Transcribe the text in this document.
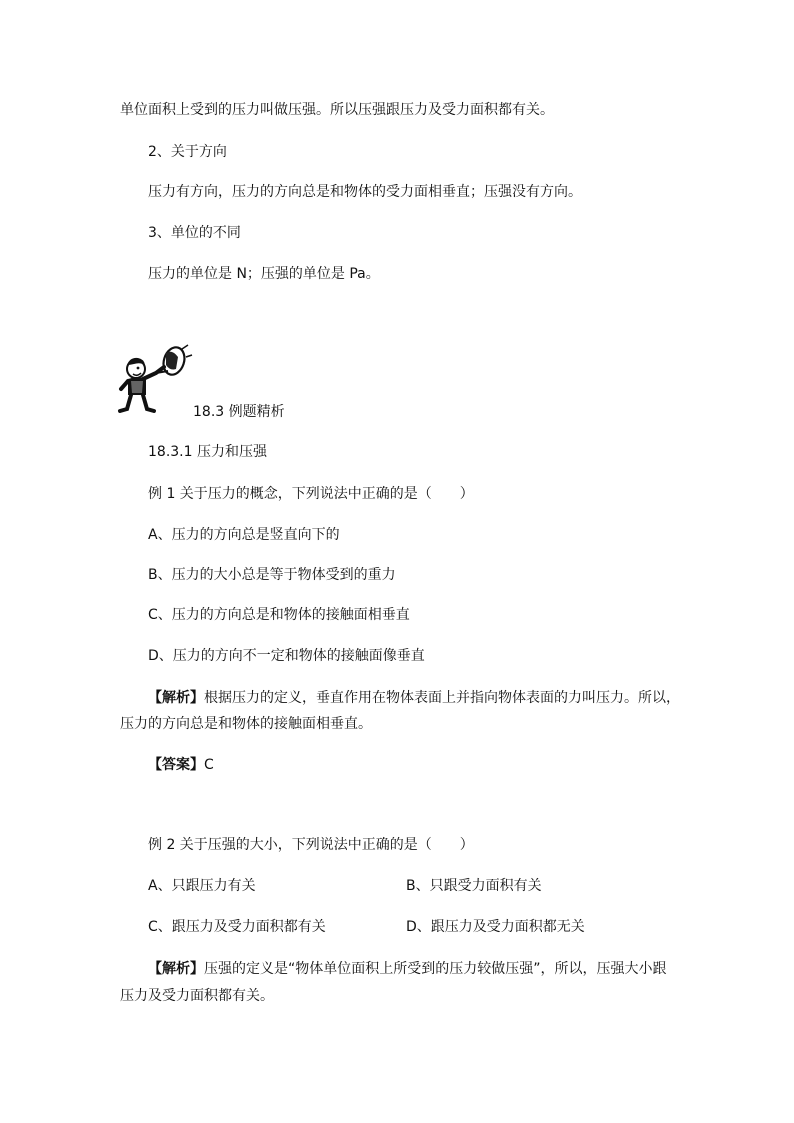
单位面积上受到的压力叫做压强。所以压强跟压力及受力面积都有关。
2、关于方向
压力有方向，压力的方向总是和物体的受力面相垂直；压强没有方向。
3、单位的不同
压力的单位是 N；压强的单位是 Pa。
18.3 例题精析
18.3.1 压力和压强
例 1 关于压力的概念，下列说法中正确的是（　　）
A、压力的方向总是竖直向下的
B、压力的大小总是等于物体受到的重力
C、压力的方向总是和物体的接触面相垂直
D、压力的方向不一定和物体的接触面像垂直
【解析】根据压力的定义，垂直作用在物体表面上并指向物体表面的力叫压力。所以，
压力的方向总是和物体的接触面相垂直。
【答案】C
例 2 关于压强的大小，下列说法中正确的是（　　）
A、只跟压力有关	B、只跟受力面积有关
C、跟压力及受力面积都有关	D、跟压力及受力面积都无关
【解析】压强的定义是“物体单位面积上所受到的压力较做压强”，所以，压强大小跟
压力及受力面积都有关。
